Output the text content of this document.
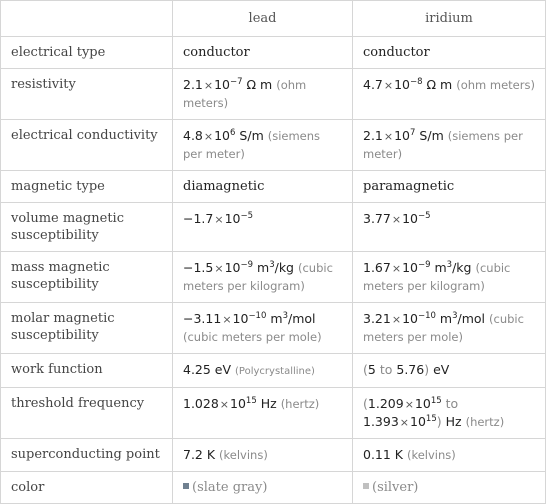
	lead	iridium
electrical type	conductor	conductor
resistivity	$2.1\times 10^{-7}$ Ω m (ohm meters)	$4.7\times 10^{-8}$ Ω m (ohm meters)
electrical conductivity	$4.8\times 10^6$ S/m (siemens per meter)	$2.1\times 10^7$ S/m (siemens per meter)
magnetic type	diamagnetic	paramagnetic
volume magnetic susceptibility	$-1.7\times 10^{-5}$	$3.77\times 10^{-5}$
mass magnetic susceptibility	$-1.5\times 10^{-9}$ $m^3/kg$ (cubic meters per kilogram)	$1.67\times 10^{-9}$ $m^3/kg$ (cubic meters per kilogram)
molar magnetic susceptibility	$-3.11\times 10^{-10}$ $m^3$/mol (cubic meters per mole)	$3.21\times 10^{-10}$ $m^3$/mol (cubic meters per mole)
work function	4.25 eV (Polycrystalline)	(5 to 5.76) eV
threshold frequency	$1.028\times 10^{15}$ Hz (hertz)	($1.209\times 10^{15}$ to $1.393\times 10^{15}$) Hz (hertz)
superconducting point	7.2 K (kelvins)	0.11 K (kelvins)
color	(slate gray)	(silver)
